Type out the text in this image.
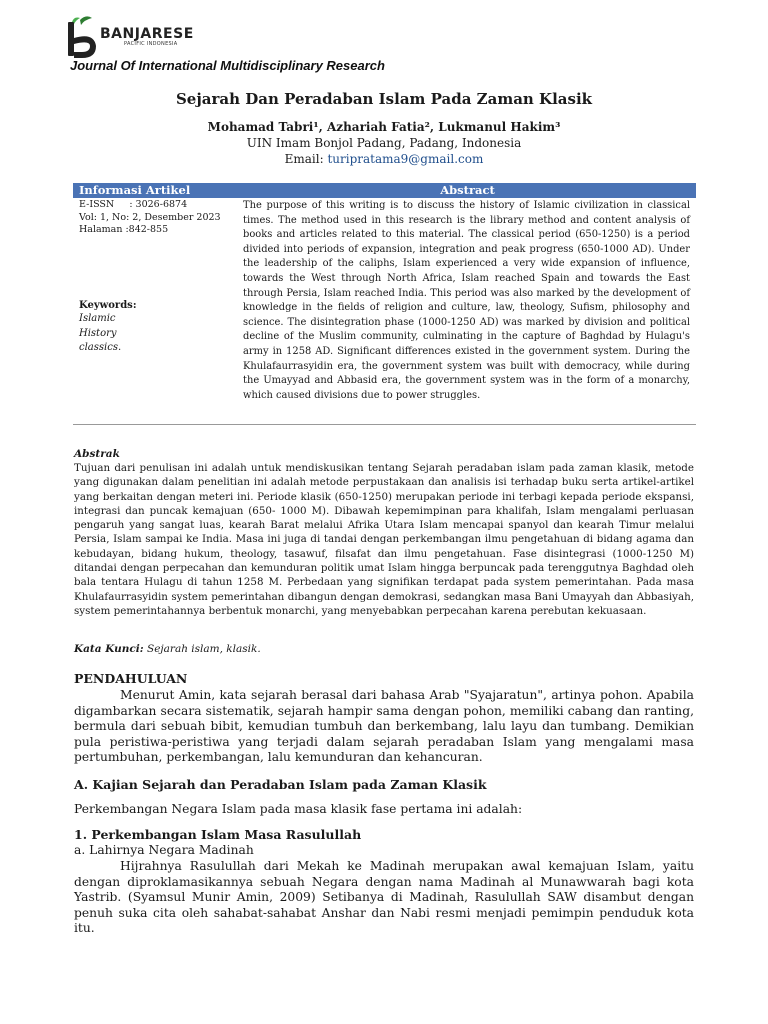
BANJARESE
PACIFIC INDONESIA
Journal Of International Multidisciplinary Research
Sejarah Dan Peradaban Islam Pada Zaman Klasik
Mohamad Tabri¹, Azhariah Fatia², Lukmanul Hakim³
UIN Imam Bonjol Padang, Padang, Indonesia
Email: turipratama9@gmail.com
Informasi Artikel	Abstract
E-ISSN     : 3026-6874
Vol: 1, No: 2, Desember 2023
Halaman :842-855
Keywords:
Islamic
History
classics.
The purpose of this writing is to discuss the history of Islamic civilization in classical times. The method used in this research is the library method and content analysis of books and articles related to this material. The classical period (650-1250) is a period divided into periods of expansion, integration and peak progress (650-1000 AD). Under the leadership of the caliphs, Islam experienced a very wide expansion of influence, towards the West through North Africa, Islam reached Spain and towards the East through Persia, Islam reached India. This period was also marked by the development of knowledge in the fields of religion and culture, law, theology, Sufism, philosophy and science. The disintegration phase (1000-1250 AD) was marked by division and political decline of the Muslim community, culminating in the capture of Baghdad by Hulagu's army in 1258 AD. Significant differences existed in the government system. During the Khulafaurrasyidin era, the government system was built with democracy, while during the Umayyad and Abbasid era, the government system was in the form of a monarchy, which caused divisions due to power struggles.
Abstrak
Tujuan dari penulisan ini adalah untuk mendiskusikan tentang Sejarah peradaban islam pada zaman klasik, metode yang digunakan dalam penelitian ini adalah metode perpustakaan dan analisis isi terhadap buku serta artikel-artikel yang berkaitan dengan meteri ini. Periode klasik (650-1250) merupakan periode ini terbagi kepada periode ekspansi, integrasi dan puncak kemajuan (650- 1000 M). Dibawah kepemimpinan para khalifah, Islam mengalami perluasan pengaruh yang sangat luas, kearah Barat melalui Afrika Utara Islam mencapai spanyol dan kearah Timur melalui Persia, Islam sampai ke India. Masa ini juga di tandai dengan perkembangan ilmu pengetahuan di bidang agama dan kebudayan, bidang hukum, theology, tasawuf, filsafat dan ilmu pengetahuan. Fase disintegrasi (1000-1250 M) ditandai dengan perpecahan dan kemunduran politik umat Islam hingga berpuncak pada terenggutnya Baghdad oleh bala tentara Hulagu di tahun 1258 M. Perbedaan yang signifikan terdapat pada system pemerintahan. Pada masa Khulafaurrasyidin system pemerintahan dibangun dengan demokrasi, sedangkan masa Bani Umayyah dan Abbasiyah, system pemerintahannya berbentuk monarchi, yang menyebabkan perpecahan karena perebutan kekuasaan.
Kata Kunci: Sejarah islam, klasik.
PENDAHULUAN
Menurut Amin, kata sejarah berasal dari bahasa Arab "Syajaratun", artinya pohon. Apabila digambarkan secara sistematik, sejarah hampir sama dengan pohon, memiliki cabang dan ranting, bermula dari sebuah bibit, kemudian tumbuh dan berkembang, lalu layu dan tumbang. Demikian pula peristiwa-peristiwa yang terjadi dalam sejarah peradaban Islam yang mengalami masa pertumbuhan, perkembangan, lalu kemunduran dan kehancuran.
A. Kajian Sejarah dan Peradaban Islam pada Zaman Klasik
Perkembangan Negara Islam pada masa klasik fase pertama ini adalah:
1. Perkembangan Islam Masa Rasulullah
a. Lahirnya Negara Madinah
Hijrahnya Rasulullah dari Mekah ke Madinah merupakan awal kemajuan Islam, yaitu dengan diproklamasikannya sebuah Negara dengan nama Madinah al Munawwarah bagi kota Yastrib. (Syamsul Munir Amin, 2009) Setibanya di Madinah, Rasulullah SAW disambut dengan penuh suka cita oleh sahabat-sahabat Anshar dan Nabi resmi menjadi pemimpin penduduk kota itu.
